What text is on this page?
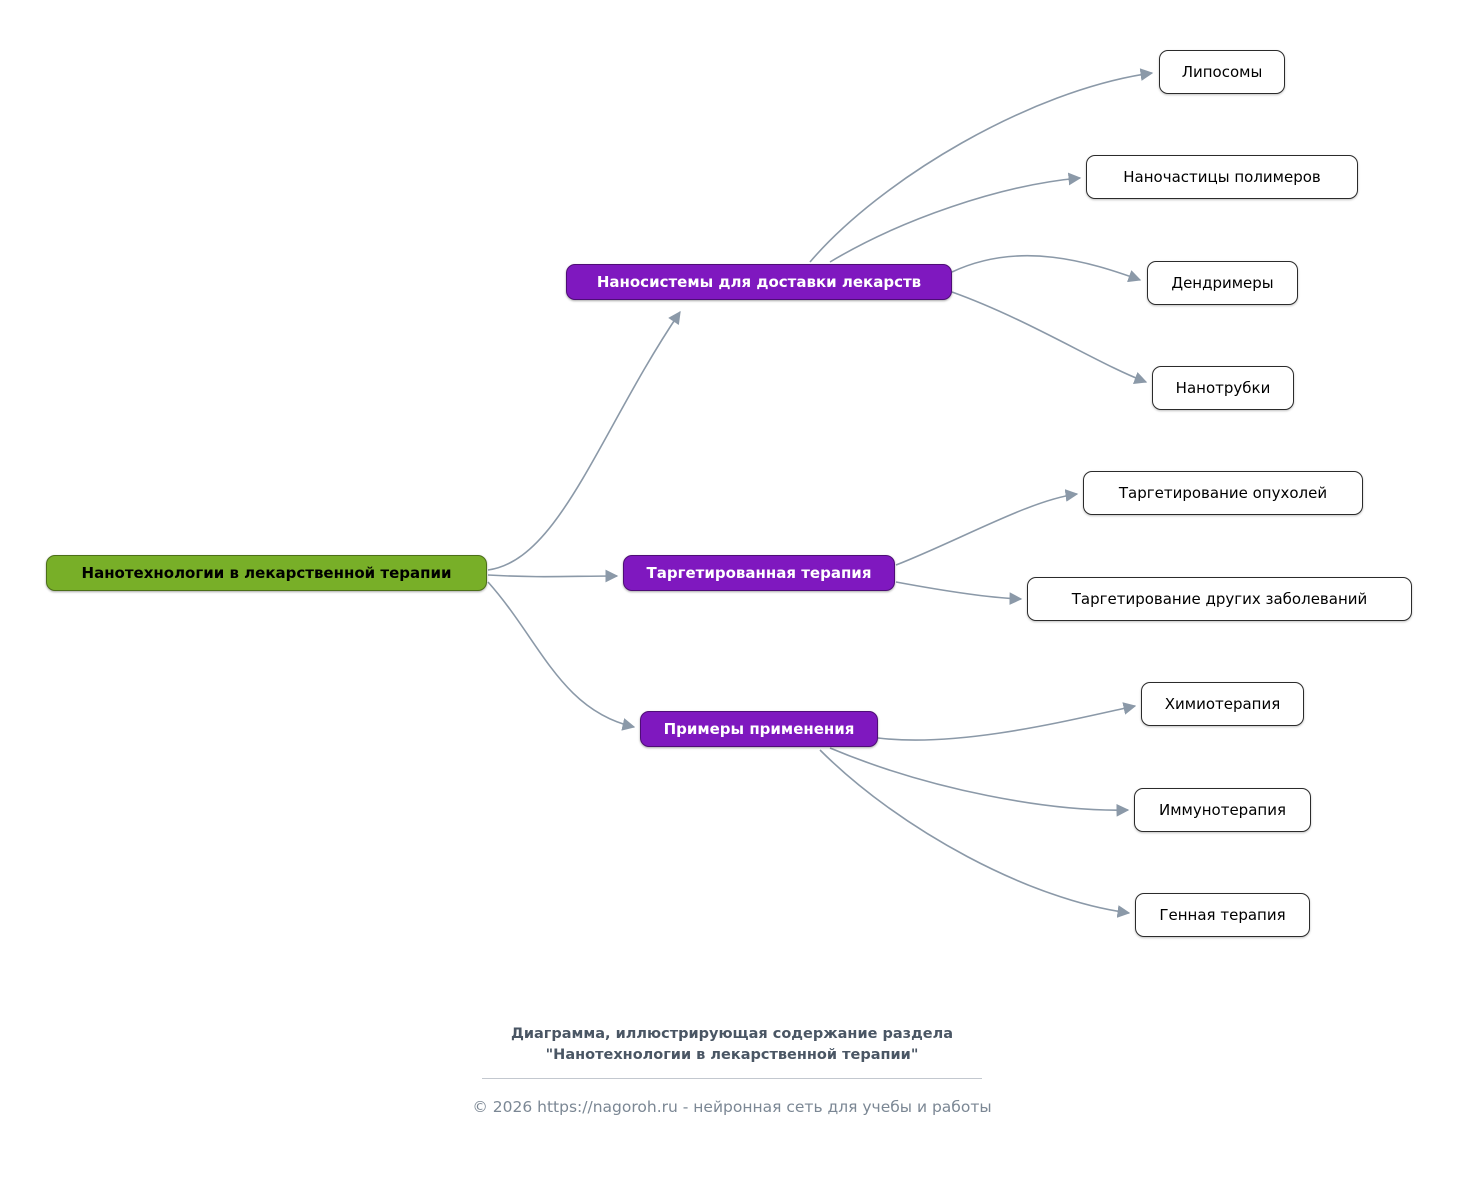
Нанотехнологии в лекарственной терапии
Наносистемы для доставки лекарств
Липосомы
Наночастицы полимеров
Дендримеры
Нанотрубки
Таргетированная терапия
Таргетирование опухолей
Таргетирование других заболеваний
Примеры применения
Химиотерапия
Иммунотерапия
Генная терапия
Диаграмма, иллюстрирующая содержание раздела
"Нанотехнологии в лекарственной терапии"
© 2026 https://nagoroh.ru - нейронная сеть для учебы и работы
